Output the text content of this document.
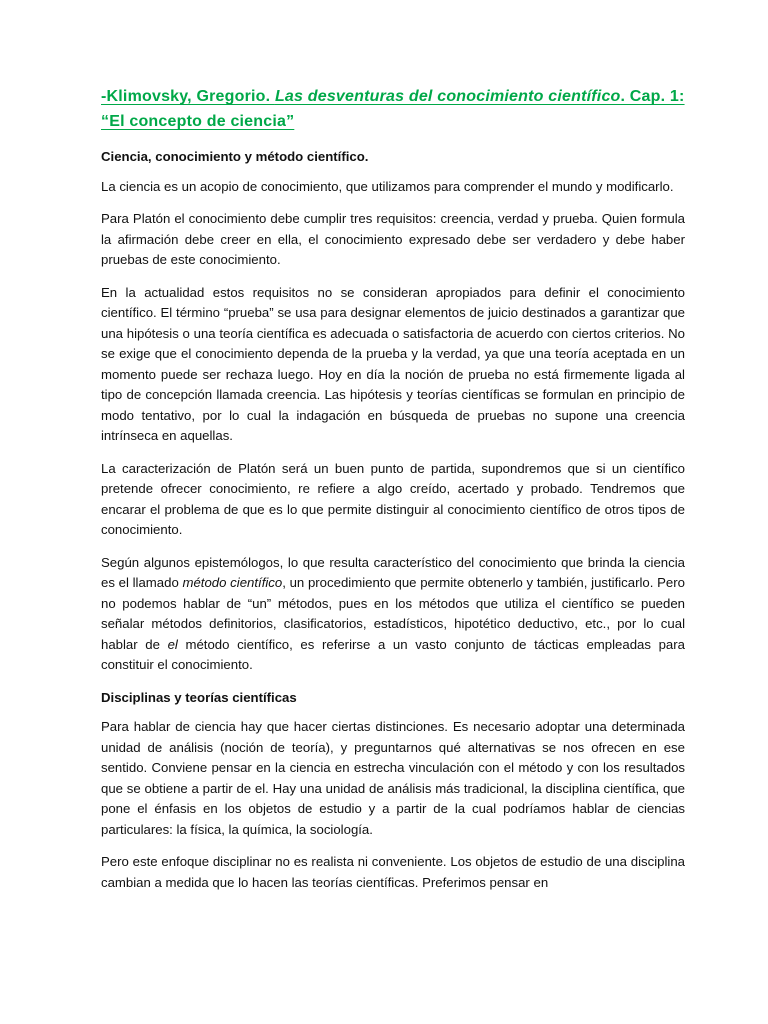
-Klimovsky, Gregorio. Las desventuras del conocimiento científico. Cap. 1: “El concepto de ciencia”

Ciencia, conocimiento y método científico.

La ciencia es un acopio de conocimiento, que utilizamos para comprender el mundo y modificarlo.

Para Platón el conocimiento debe cumplir tres requisitos: creencia, verdad y prueba. Quien formula la afirmación debe creer en ella, el conocimiento expresado debe ser verdadero y debe haber pruebas de este conocimiento.

En la actualidad estos requisitos no se consideran apropiados para definir el conocimiento científico. El término “prueba” se usa para designar elementos de juicio destinados a garantizar que una hipótesis o una teoría científica es adecuada o satisfactoria de acuerdo con ciertos criterios. No se exige que el conocimiento dependa de la prueba y la verdad, ya que una teoría aceptada en un momento puede ser rechaza luego. Hoy en día la noción de prueba no está firmemente ligada al tipo de concepción llamada creencia. Las hipótesis y teorías científicas se formulan en principio de modo tentativo, por lo cual la indagación en búsqueda de pruebas no supone una creencia intrínseca en aquellas.

La caracterización de Platón será un buen punto de partida, supondremos que si un científico pretende ofrecer conocimiento, re refiere a algo creído, acertado y probado. Tendremos que encarar el problema de que es lo que permite distinguir al conocimiento científico de otros tipos de conocimiento.

Según algunos epistemólogos, lo que resulta característico del conocimiento que brinda la ciencia es el llamado método científico, un procedimiento que permite obtenerlo y también, justificarlo. Pero no podemos hablar de “un” métodos, pues en los métodos que utiliza el científico se pueden señalar métodos definitorios, clasificatorios, estadísticos, hipotético deductivo, etc., por lo cual hablar de el método científico, es referirse a un vasto conjunto de tácticas empleadas para constituir el conocimiento.

Disciplinas y teorías científicas

Para hablar de ciencia hay que hacer ciertas distinciones. Es necesario adoptar una determinada unidad de análisis (noción de teoría), y preguntarnos qué alternativas se nos ofrecen en ese sentido. Conviene pensar en la ciencia en estrecha vinculación con el método y con los resultados que se obtiene a partir de el. Hay una unidad de análisis más tradicional, la disciplina científica, que pone el énfasis en los objetos de estudio y a partir de la cual podríamos hablar de ciencias particulares: la física, la química, la sociología.

Pero este enfoque disciplinar no es realista ni conveniente. Los objetos de estudio de una disciplina cambian a medida que lo hacen las teorías científicas. Preferimos pensar en
